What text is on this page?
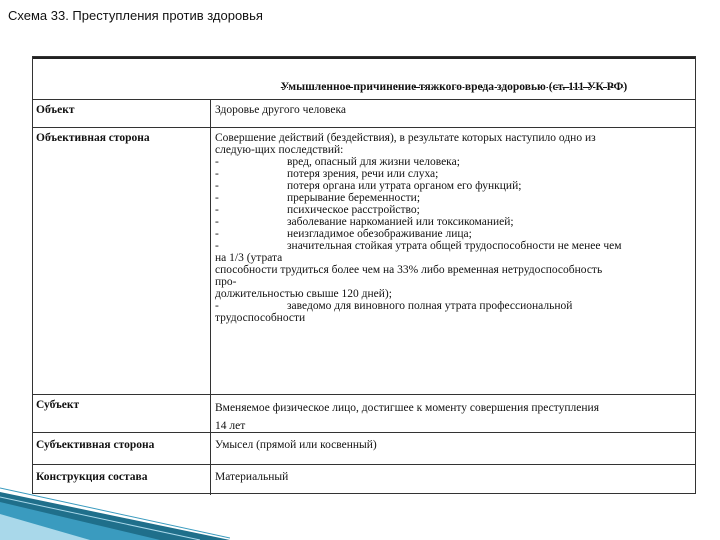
Схема 33. Преступления против здоровья
Умышленное причинение тяжкого вреда здоровью (ст. 111 УК РФ)
Объект	Здоровье другого человека
Объективная сторона	Совершение действий (бездействия), в результате которых наступило одно из
следую-щих последствий:
-	вред, опасный для жизни человека;
-	потеря зрения, речи или слуха;
-	потеря органа или утрата органом его функций;
-	прерывание беременности;
-	психическое расстройство;
-	заболевание наркоманией или токсикоманией;
-	неизгладимое обезображивание лица;
-	значительная стойкая утрата общей трудоспособности не менее чем
на 1/3 (утрата
способности трудиться более чем на 33% либо временная нетрудоспособность
про-
должительностью свыше 120 дней);
-	заведомо для виновного полная утрата профессиональной
трудоспособности
Субъект	Вменяемое физическое лицо, достигшее к моменту совершения преступления
14 лет
Субъективная сторона	Умысел (прямой или косвенный)
Конструкция состава	Материальный
